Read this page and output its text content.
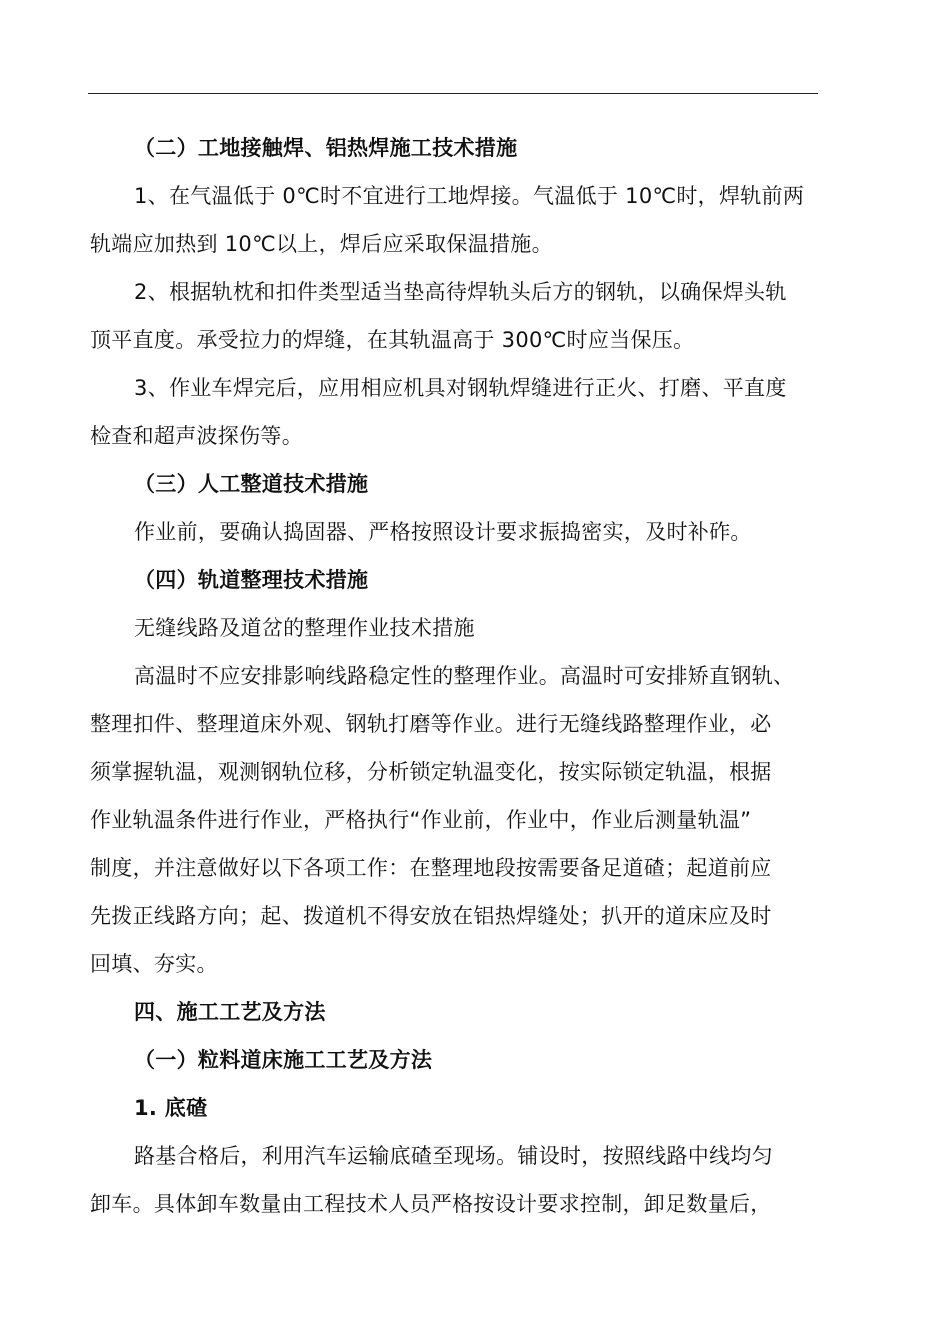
（二）工地接触焊、铝热焊施工技术措施
1、在气温低于 0℃时不宜进行工地焊接。气温低于 10℃时，焊轨前两
轨端应加热到 10℃以上，焊后应采取保温措施。
2、根据轨枕和扣件类型适当垫高待焊轨头后方的钢轨，以确保焊头轨
顶平直度。承受拉力的焊缝，在其轨温高于 300℃时应当保压。
3、作业车焊完后，应用相应机具对钢轨焊缝进行正火、打磨、平直度
检查和超声波探伤等。
（三）人工整道技术措施
作业前，要确认捣固器、严格按照设计要求振捣密实，及时补砟。
（四）轨道整理技术措施
无缝线路及道岔的整理作业技术措施
高温时不应安排影响线路稳定性的整理作业。高温时可安排矫直钢轨、
整理扣件、整理道床外观、钢轨打磨等作业。进行无缝线路整理作业，必
须掌握轨温，观测钢轨位移，分析锁定轨温变化，按实际锁定轨温，根据
作业轨温条件进行作业，严格执行“作业前，作业中，作业后测量轨温”
制度，并注意做好以下各项工作：在整理地段按需要备足道碴；起道前应
先拨正线路方向；起、拨道机不得安放在铝热焊缝处；扒开的道床应及时
回填、夯实。
四、施工工艺及方法
（一）粒料道床施工工艺及方法
1. 底碴
路基合格后，利用汽车运输底碴至现场。铺设时，按照线路中线均匀
卸车。具体卸车数量由工程技术人员严格按设计要求控制，卸足数量后，
